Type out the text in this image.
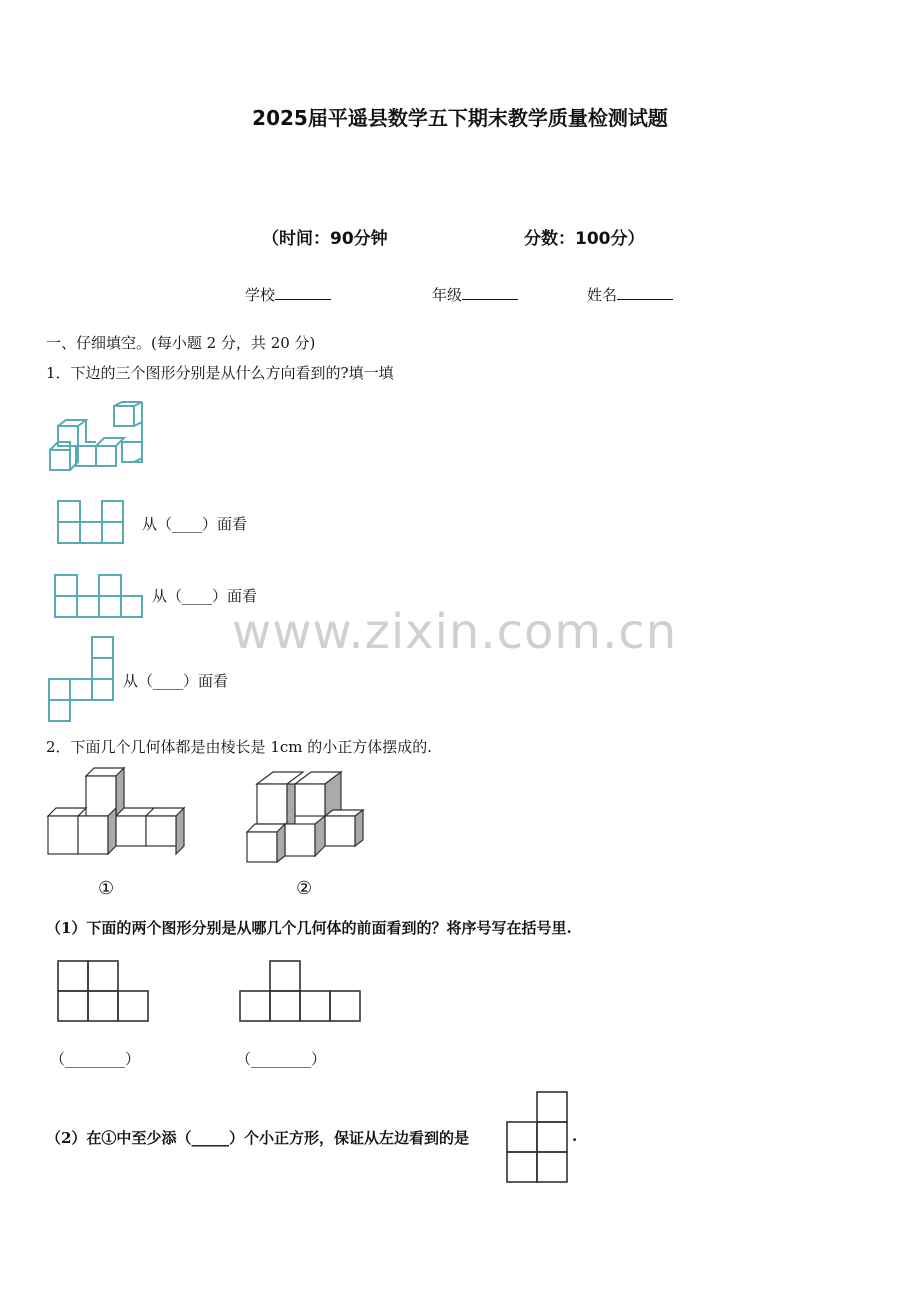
2025届平遥县数学五下期末教学质量检测试题
（时间：90分钟	分数：100分）
学校	年级	姓名
一、仔细填空。(每小题 2 分，共 20 分)
1．下边的三个图形分别是从什么方向看到的?填一填
从（____）面看
从（____）面看
从（____）面看
www.zixin.com.cn
2．下面几个几何体都是由棱长是 1cm 的小正方体摆成的.
①	②
（1）下面的两个图形分别是从哪几个几何体的前面看到的？将序号写在括号里.
（________）	（________）
（2）在①中至少添（_____）个小正方形，保证从左边看到的是	.
